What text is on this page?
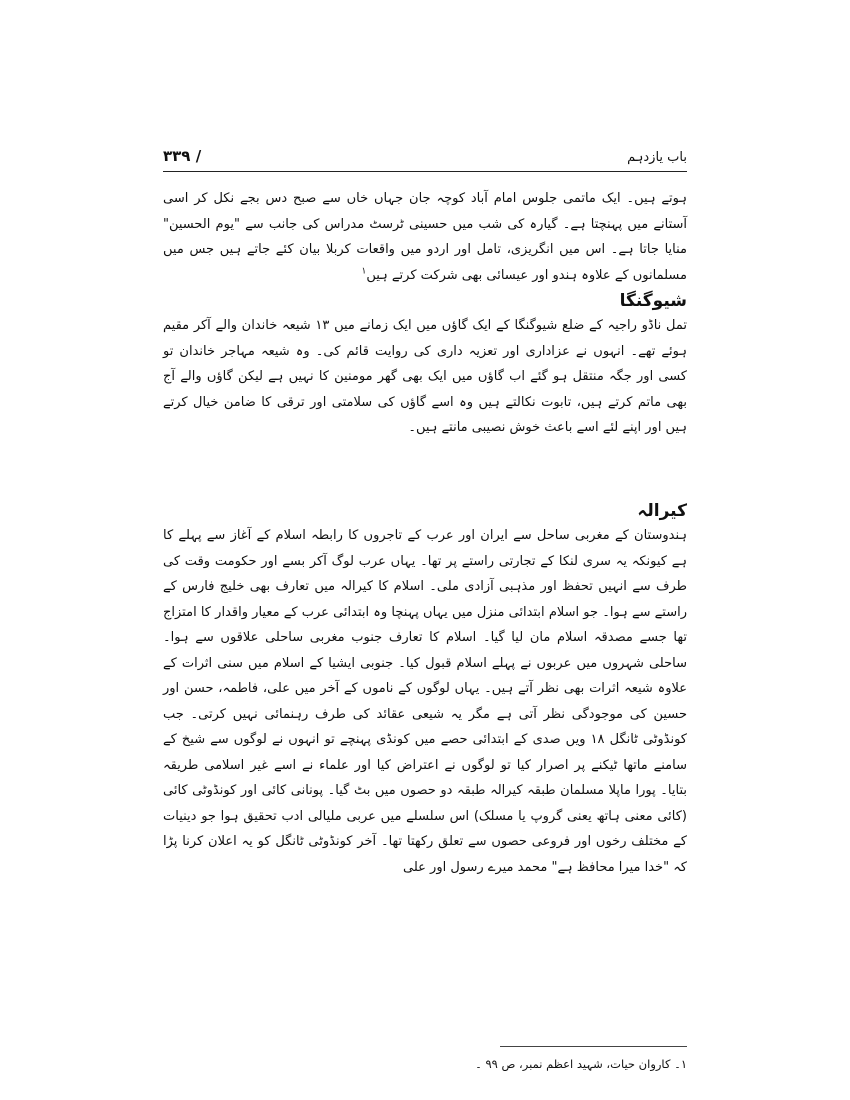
باب یازدہم
۳۳۹ /

ہوتے ہیں۔ ایک ماتمی جلوس امام آباد کوچہ جان جہاں خاں سے صبح دس بجے نکل کر اسی آستانے میں پہنچتا ہے۔ گیارہ کی شب میں حسینی ٹرسٹ مدراس کی جانب سے "یوم الحسین" منایا جاتا ہے۔ اس میں انگریزی، تامل اور اردو میں واقعات کربلا بیان کئے جاتے ہیں جس میں مسلمانوں کے علاوہ ہندو اور عیسائی بھی شرکت کرتے ہیں$^۱$

شیوگنگا

تمل ناڈو راجیہ کے ضلع شیوگنگا کے ایک گاؤں میں ایک زمانے میں ۱۳ شیعہ خاندان والے آکر مقیم ہوئے تھے۔ انہوں نے عزاداری اور تعزیہ داری کی روایت قائم کی۔ وہ شیعہ مہاجر خاندان تو کسی اور جگہ منتقل ہو گئے اب گاؤں میں ایک بھی گھر مومنین کا نہیں ہے لیکن گاؤں والے آج بھی ماتم کرتے ہیں، تابوت نکالتے ہیں وہ اسے گاؤں کی سلامتی اور ترقی کا ضامن خیال کرتے ہیں اور اپنے لئے اسے باعث خوش نصیبی مانتے ہیں۔

کیرالہ

ہندوستان کے مغربی ساحل سے ایران اور عرب کے تاجروں کا رابطہ اسلام کے آغاز سے پہلے کا ہے کیونکہ یہ سری لنکا کے تجارتی راستے پر تھا۔ یہاں عرب لوگ آکر بسے اور حکومت وقت کی طرف سے انہیں تحفظ اور مذہبی آزادی ملی۔ اسلام کا کیرالہ میں تعارف بھی خلیج فارس کے راستے سے ہوا۔ جو اسلام ابتدائی منزل میں یہاں پہنچا وہ ابتدائی عرب کے معیار واقدار کا امتزاج تھا جسے مصدقہ اسلام مان لیا گیا۔ اسلام کا تعارف جنوب مغربی ساحلی علاقوں سے ہوا۔ ساحلی شہروں میں عربوں نے پہلے اسلام قبول کیا۔ جنوبی ایشیا کے اسلام میں سنی اثرات کے علاوہ شیعہ اثرات بھی نظر آتے ہیں۔ یہاں لوگوں کے ناموں کے آخر میں علی، فاطمہ، حسن اور حسین کی موجودگی نظر آتی ہے مگر یہ شیعی عقائد کی طرف رہنمائی نہیں کرتی۔ جب کونڈوٹی ٹانگل ۱۸ ویں صدی کے ابتدائی حصے میں کونڈی پہنچے تو انہوں نے لوگوں سے شیخ کے سامنے ماتھا ٹیکنے پر اصرار کیا تو لوگوں نے اعتراض کیا اور علماء نے اسے غیر اسلامی طریقہ بتایا۔ پورا ماپلا مسلمان طبقہ کیرالہ طبقہ دو حصوں میں بٹ گیا۔ پونانی کائی اور کونڈوٹی کائی (کائی معنی ہاتھ یعنی گروپ یا مسلک) اس سلسلے میں عربی ملیالی ادب تحقیق ہوا جو دینیات کے مختلف رخوں اور فروعی حصوں سے تعلق رکھتا تھا۔ آخر کونڈوٹی ٹانگل کو یہ اعلان کرنا پڑا کہ "خدا میرا محافظ ہے" محمد میرے رسول اور علی

۱۔ کاروان حیات، شہید اعظم نمبر، ص ۹۹ ۔
